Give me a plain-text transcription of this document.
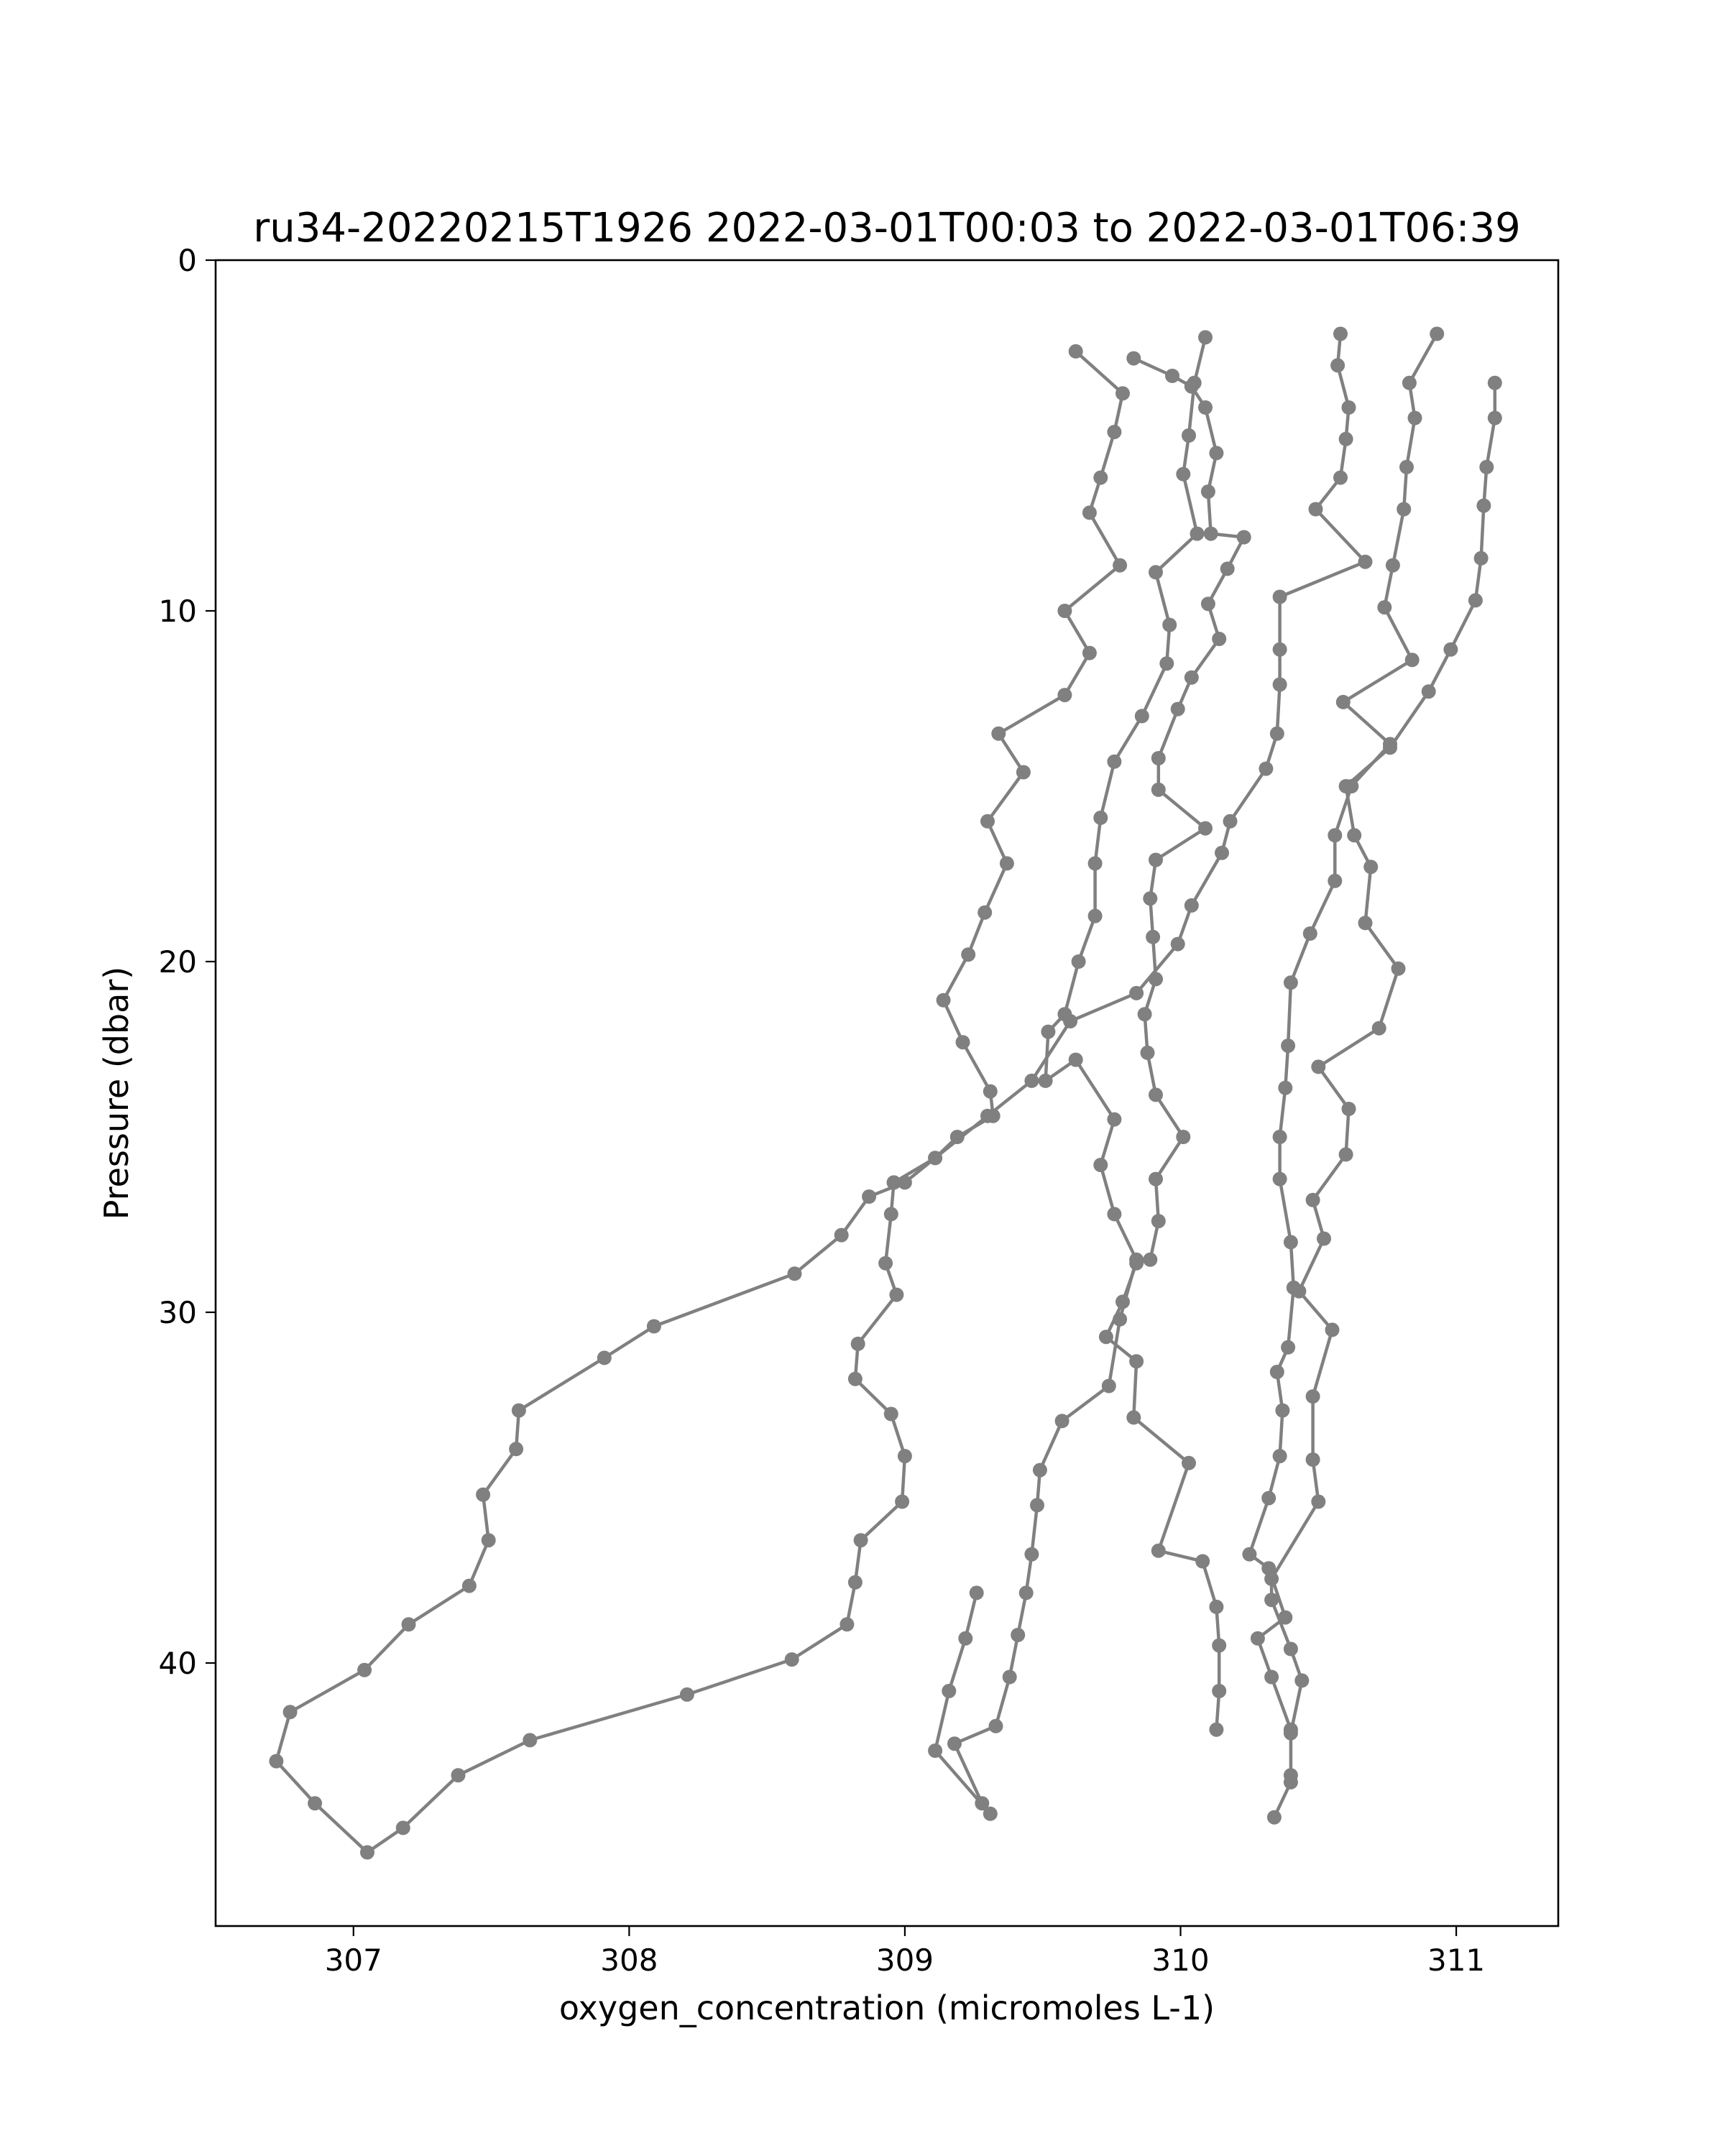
ru34-20220215T1926 2022-03-01T00:03 to 2022-03-01T06:39
307	308	309	310	311
0
10
20
30
40
oxygen_concentration (micromoles L-1)
Pressure (dbar)
